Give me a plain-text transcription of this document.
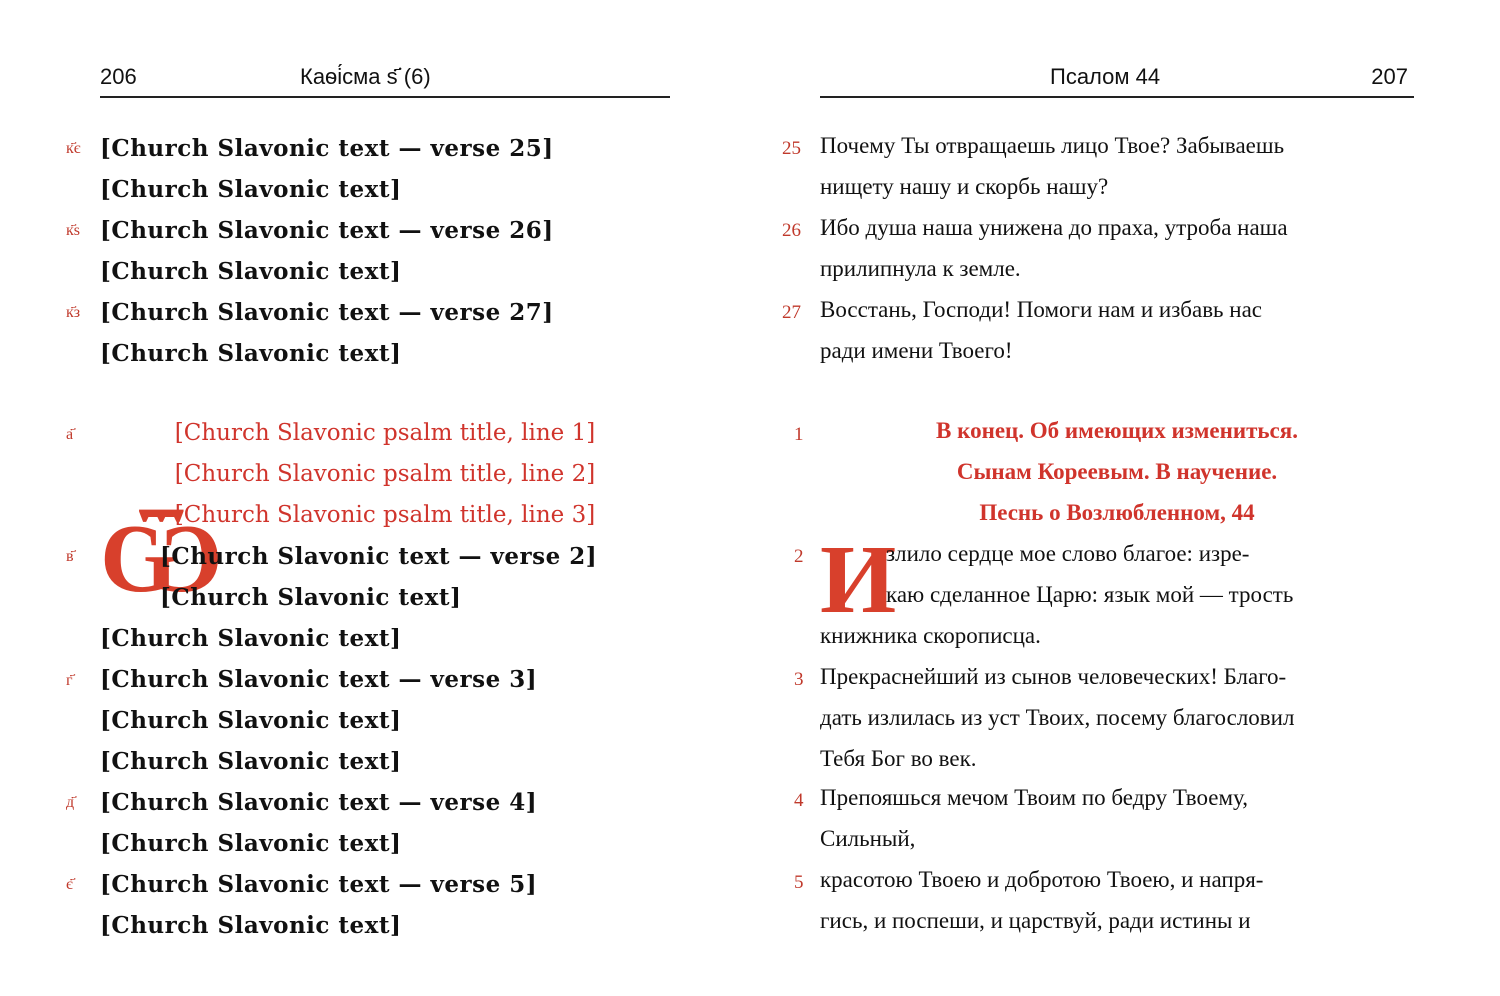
206	Каѳі́сма ѕ҃ (6)
к҃є [Church Slavonic text — verse 25]
[Church Slavonic text]
к҃ѕ [Church Slavonic text — verse 26]
[Church Slavonic text]
к҃з [Church Slavonic text — verse 27]
[Church Slavonic text]
а҃	[Church Slavonic psalm title, line 1]
[Church Slavonic psalm title, line 2]
[Church Slavonic psalm title, line 3]
Ѿ
в҃	[Church Slavonic text — verse 2]
[Church Slavonic text]
[Church Slavonic text]
г҃ [Church Slavonic text — verse 3]
[Church Slavonic text]
[Church Slavonic text]
д҃ [Church Slavonic text — verse 4]
[Church Slavonic text]
є҃ [Church Slavonic text — verse 5]
[Church Slavonic text]
Псалом 44	207
25 Почему Ты отвращаешь лицо Твое? Забываешь
нищету нашу и скорбь нашу?
26 Ибо душа наша унижена до праха, утроба наша
прилипнула к земле.
27 Восстань, Господи! Помоги нам и избавь нас
ради имени Твоего!
1	В конец. Об имеющих измениться.
Сынам Кореевым. В научение.
Песнь о Возлюбленном, 44
И
2	злило сердце мое слово благое: изре-
каю сделанное Царю: язык мой — трость
книжника скорописца.
3 Прекраснейший из сынов человеческих! Благо-
дать излилась из уст Твоих, посему благословил
Тебя Бог во век.
4 Препояшься мечом Твоим по бедру Твоему,
Сильный,
5 красотою Твоею и добротою Твоею, и напря-
гись, и поспеши, и царствуй, ради истины и
